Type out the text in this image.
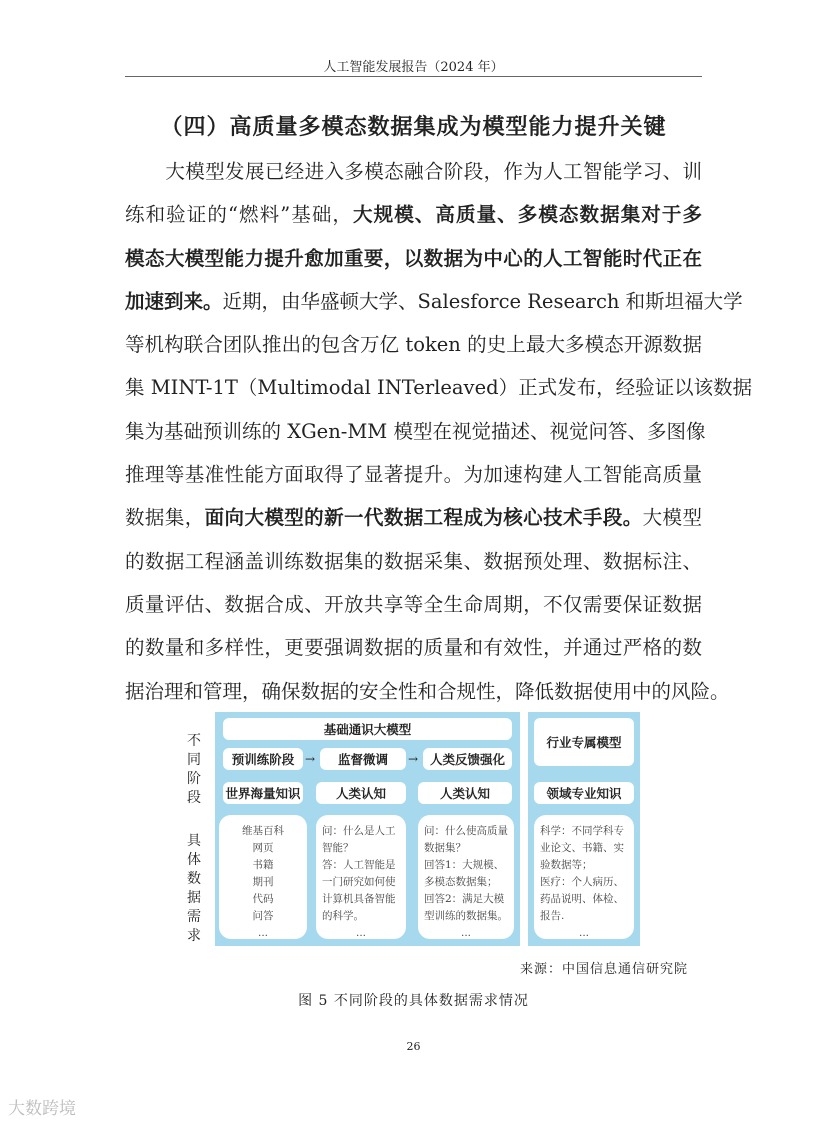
人工智能发展报告（2024 年）
（四）高质量多模态数据集成为模型能力提升关键
大模型发展已经进入多模态融合阶段，作为人工智能学习、训
练和验证的“燃料”基础，大规模、高质量、多模态数据集对于多
模态大模型能力提升愈加重要，以数据为中心的人工智能时代正在
加速到来。近期，由华盛顿大学、Salesforce Research 和斯坦福大学
等机构联合团队推出的包含万亿 token 的史上最大多模态开源数据
集 MINT-1T（Multimodal INTerleaved）正式发布，经验证以该数据
集为基础预训练的 XGen-MM 模型在视觉描述、视觉问答、多图像
推理等基准性能方面取得了显著提升。为加速构建人工智能高质量
数据集，面向大模型的新一代数据工程成为核心技术手段。大模型
的数据工程涵盖训练数据集的数据采集、数据预处理、数据标注、
质量评估、数据合成、开放共享等全生命周期，不仅需要保证数据
的数量和多样性，更要强调数据的质量和有效性，并通过严格的数
据治理和管理，确保数据的安全性和合规性，降低数据使用中的风险。
不同阶段
具体数据需求
基础通识大模型
预训练阶段 →	监督微调	→ 人类反馈强化
世界海量知识	人类认知	人类认知
维基百科
网页
书籍
期刊
代码
问答
...
问：什么是人工智能？
答：人工智能是一门研究如何使计算机具备智能的科学。
...
问：什么使高质量数据集？
回答1：大规模、多模态数据集；
回答2：满足大模型训练的数据集。
...
行业专属模型
领域专业知识
科学：不同学科专业论文、书籍、实验数据等；
医疗：个人病历、药品说明、体检、报告.
...
来源：中国信息通信研究院
图 5 不同阶段的具体数据需求情况
26
大数跨境
